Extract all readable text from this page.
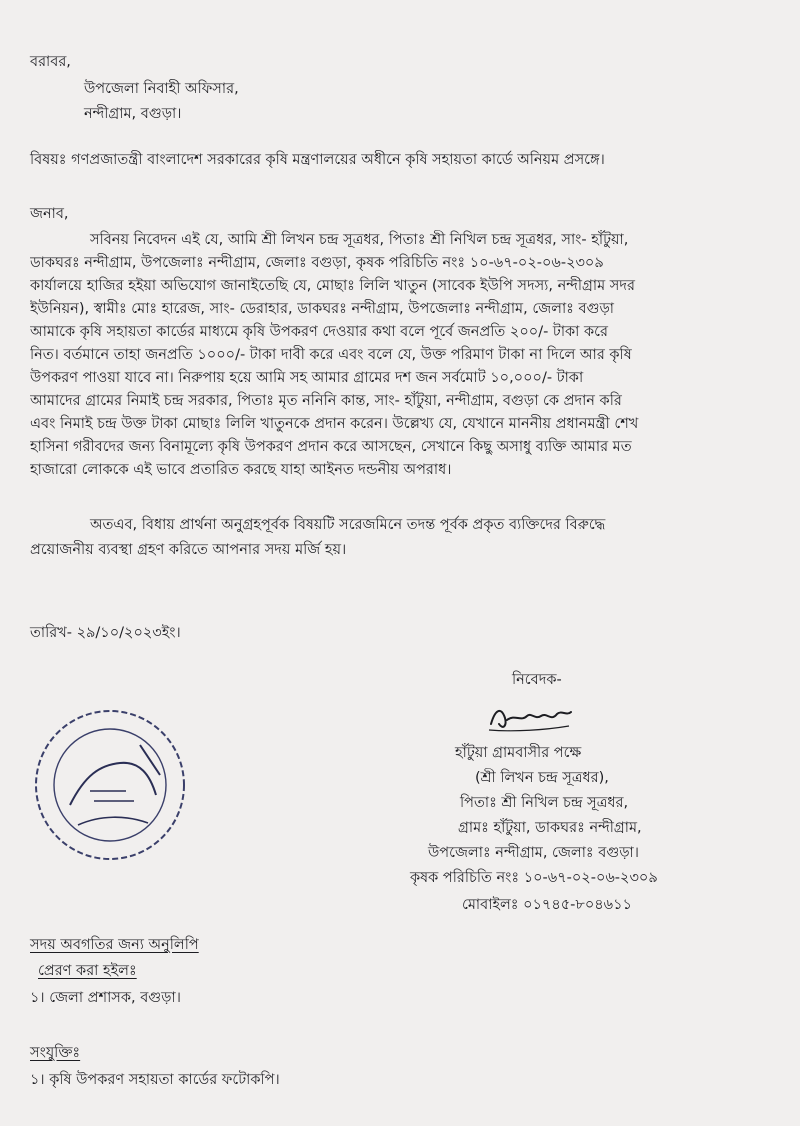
বরাবর,
উপজেলা নিবাহী অফিসার,
নন্দীগ্রাম, বগুড়া।
বিষয়ঃ গণপ্রজাতন্ত্রী বাংলাদেশ সরকারের কৃষি মন্ত্রণালয়ের অধীনে কৃষি সহায়তা কার্ডে অনিয়ম প্রসঙ্গে।
জনাব,
সবিনয় নিবেদন এই যে, আমি শ্রী লিখন চন্দ্র সূত্রধর, পিতাঃ শ্রী নিখিল চন্দ্র সূত্রধর, সাং- হাঁটুয়া,
ডাকঘরঃ নন্দীগ্রাম, উপজেলাঃ নন্দীগ্রাম, জেলাঃ বগুড়া, কৃষক পরিচিতি নংঃ ১০-৬৭-০২-০৬-২৩০৯
কার্যালয়ে হাজির হইয়া অভিযোগ জানাইতেছি যে, মোছাঃ লিলি খাতুন (সাবেক ইউপি সদস্য, নন্দীগ্রাম সদর
ইউনিয়ন), স্বামীঃ মোঃ হারেজ, সাং- ডেরাহার, ডাকঘরঃ নন্দীগ্রাম, উপজেলাঃ নন্দীগ্রাম, জেলাঃ বগুড়া
আমাকে কৃষি সহায়তা কার্ডের মাধ্যমে কৃষি উপকরণ দেওয়ার কথা বলে পূর্বে জনপ্রতি ২০০/- টাকা করে
নিত। বর্তমানে তাহা জনপ্রতি ১০০০/- টাকা দাবী করে এবং বলে যে, উক্ত পরিমাণ টাকা না দিলে আর কৃষি
উপকরণ পাওয়া যাবে না। নিরুপায় হয়ে আমি সহ আমার গ্রামের দশ জন সর্বমোট ১০,০০০/- টাকা
আমাদের গ্রামের নিমাই চন্দ্র সরকার, পিতাঃ মৃত ননিনি কান্ত, সাং- হাঁটুয়া, নন্দীগ্রাম, বগুড়া কে প্রদান করি
এবং নিমাই চন্দ্র উক্ত টাকা মোছাঃ লিলি খাতুনকে প্রদান করেন। উল্লেখ্য যে, যেখানে মাননীয় প্রধানমন্ত্রী শেখ
হাসিনা গরীবদের জন্য বিনামূল্যে কৃষি উপকরণ প্রদান করে আসছেন, সেখানে কিছু অসাধু ব্যক্তি আমার মত
হাজারো লোককে এই ভাবে প্রতারিত করছে যাহা আইনত দন্ডনীয় অপরাধ।
অতএব, বিধায় প্রার্থনা অনুগ্রহপূর্বক বিষয়টি সরেজমিনে তদন্ত পূর্বক প্রকৃত ব্যক্তিদের বিরুদ্ধে
প্রয়োজনীয় ব্যবস্থা গ্রহণ করিতে আপনার সদয় মর্জি হয়।
তারিখ- ২৯/১০/২০২৩ইং।
নিবেদক-
হাঁটুয়া গ্রামবাসীর পক্ষে
(শ্রী লিখন চন্দ্র সূত্রধর),
পিতাঃ শ্রী নিখিল চন্দ্র সূত্রধর,
গ্রামঃ হাঁটুয়া, ডাকঘরঃ নন্দীগ্রাম,
উপজেলাঃ নন্দীগ্রাম, জেলাঃ বগুড়া।
কৃষক পরিচিতি নংঃ ১০-৬৭-০২-০৬-২৩০৯
মোবাইলঃ ০১৭৪৫-৮০৪৬১১
সদয় অবগতির জন্য অনুলিপি
প্রেরণ করা হইলঃ
১। জেলা প্রশাসক, বগুড়া।
সংযুক্তিঃ
১। কৃষি উপকরণ সহায়তা কার্ডের ফটোকপি।
